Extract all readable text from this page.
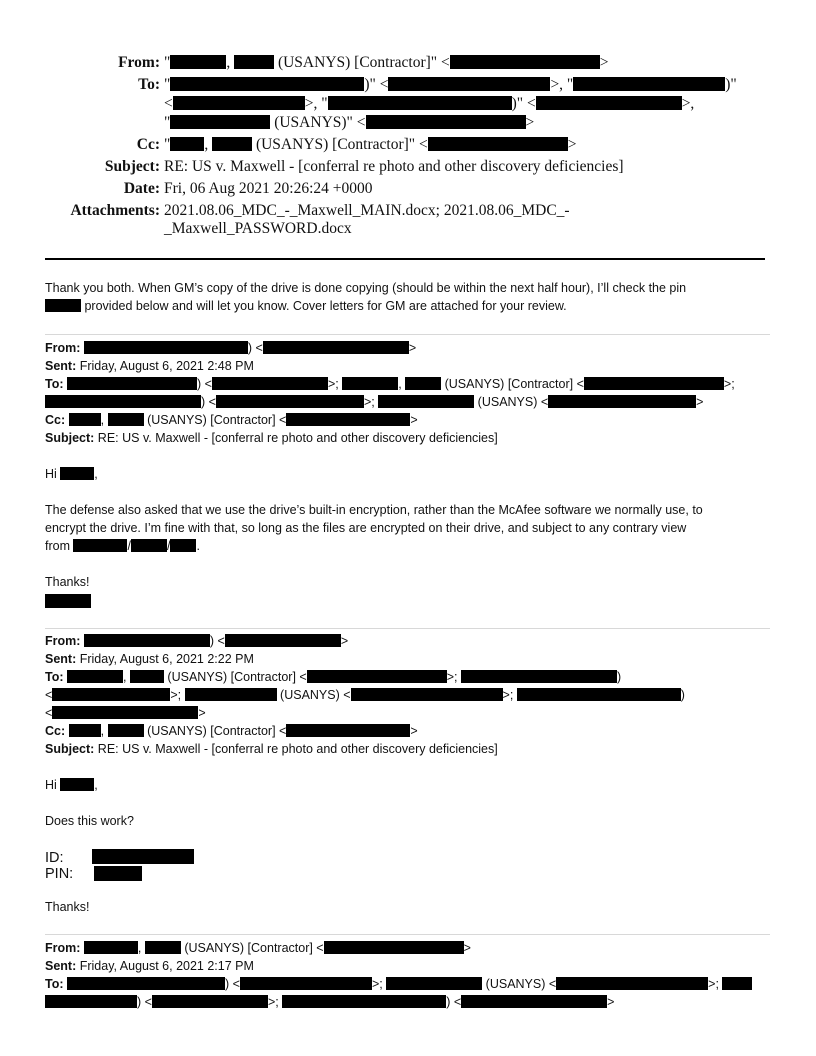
From: "	,	(USANYS) [Contractor]" <	>
To: "	)" <	>, "	)"
<	>, "	)" <	>,
"	(USANYS)" <	>
Cc: " ,	(USANYS) [Contractor]" <	>
Subject: RE: US v. Maxwell - [conferral re photo and other discovery deficiencies]
Date: Fri, 06 Aug 2021 20:26:24 +0000
Attachments: 2021.08.06_MDC_-_Maxwell_MAIN.docx; 2021.08.06_MDC_-
_Maxwell_PASSWORD.docx
Thank you both. When GM’s copy of the drive is done copying (should be within the next half hour), I’ll check the pin
provided below and will let you know. Cover letters for GM are attached for your review.
From:	) <	>
Sent: Friday, August 6, 2021 2:48 PM
To:	) <	>;	,	(USANYS) [Contractor] <	>;
) <	>;	(USANYS) <	>
Cc:	,	(USANYS) [Contractor] <	>
Subject: RE: US v. Maxwell - [conferral re photo and other discovery deficiencies]
Hi	,
The defense also asked that we use the drive’s built-in encryption, rather than the McAfee software we normally use, to
encrypt the drive. I’m fine with that, so long as the files are encrypted on their drive, and subject to any contrary view
from	/	/ .
Thanks!
From:	) <	>
Sent: Friday, August 6, 2021 2:22 PM
To:	,	(USANYS) [Contractor] <	>;	)
<	>;	(USANYS) <	>;	)
<	>
Cc:	,	(USANYS) [Contractor] <	>
Subject: RE: US v. Maxwell - [conferral re photo and other discovery deficiencies]
Hi	,
Does this work?
ID:
PIN:
Thanks!
From:	,	(USANYS) [Contractor] <	>
Sent: Friday, August 6, 2021 2:17 PM
To:	) <	>;	(USANYS) <	>;
) <	>;	) <	>
